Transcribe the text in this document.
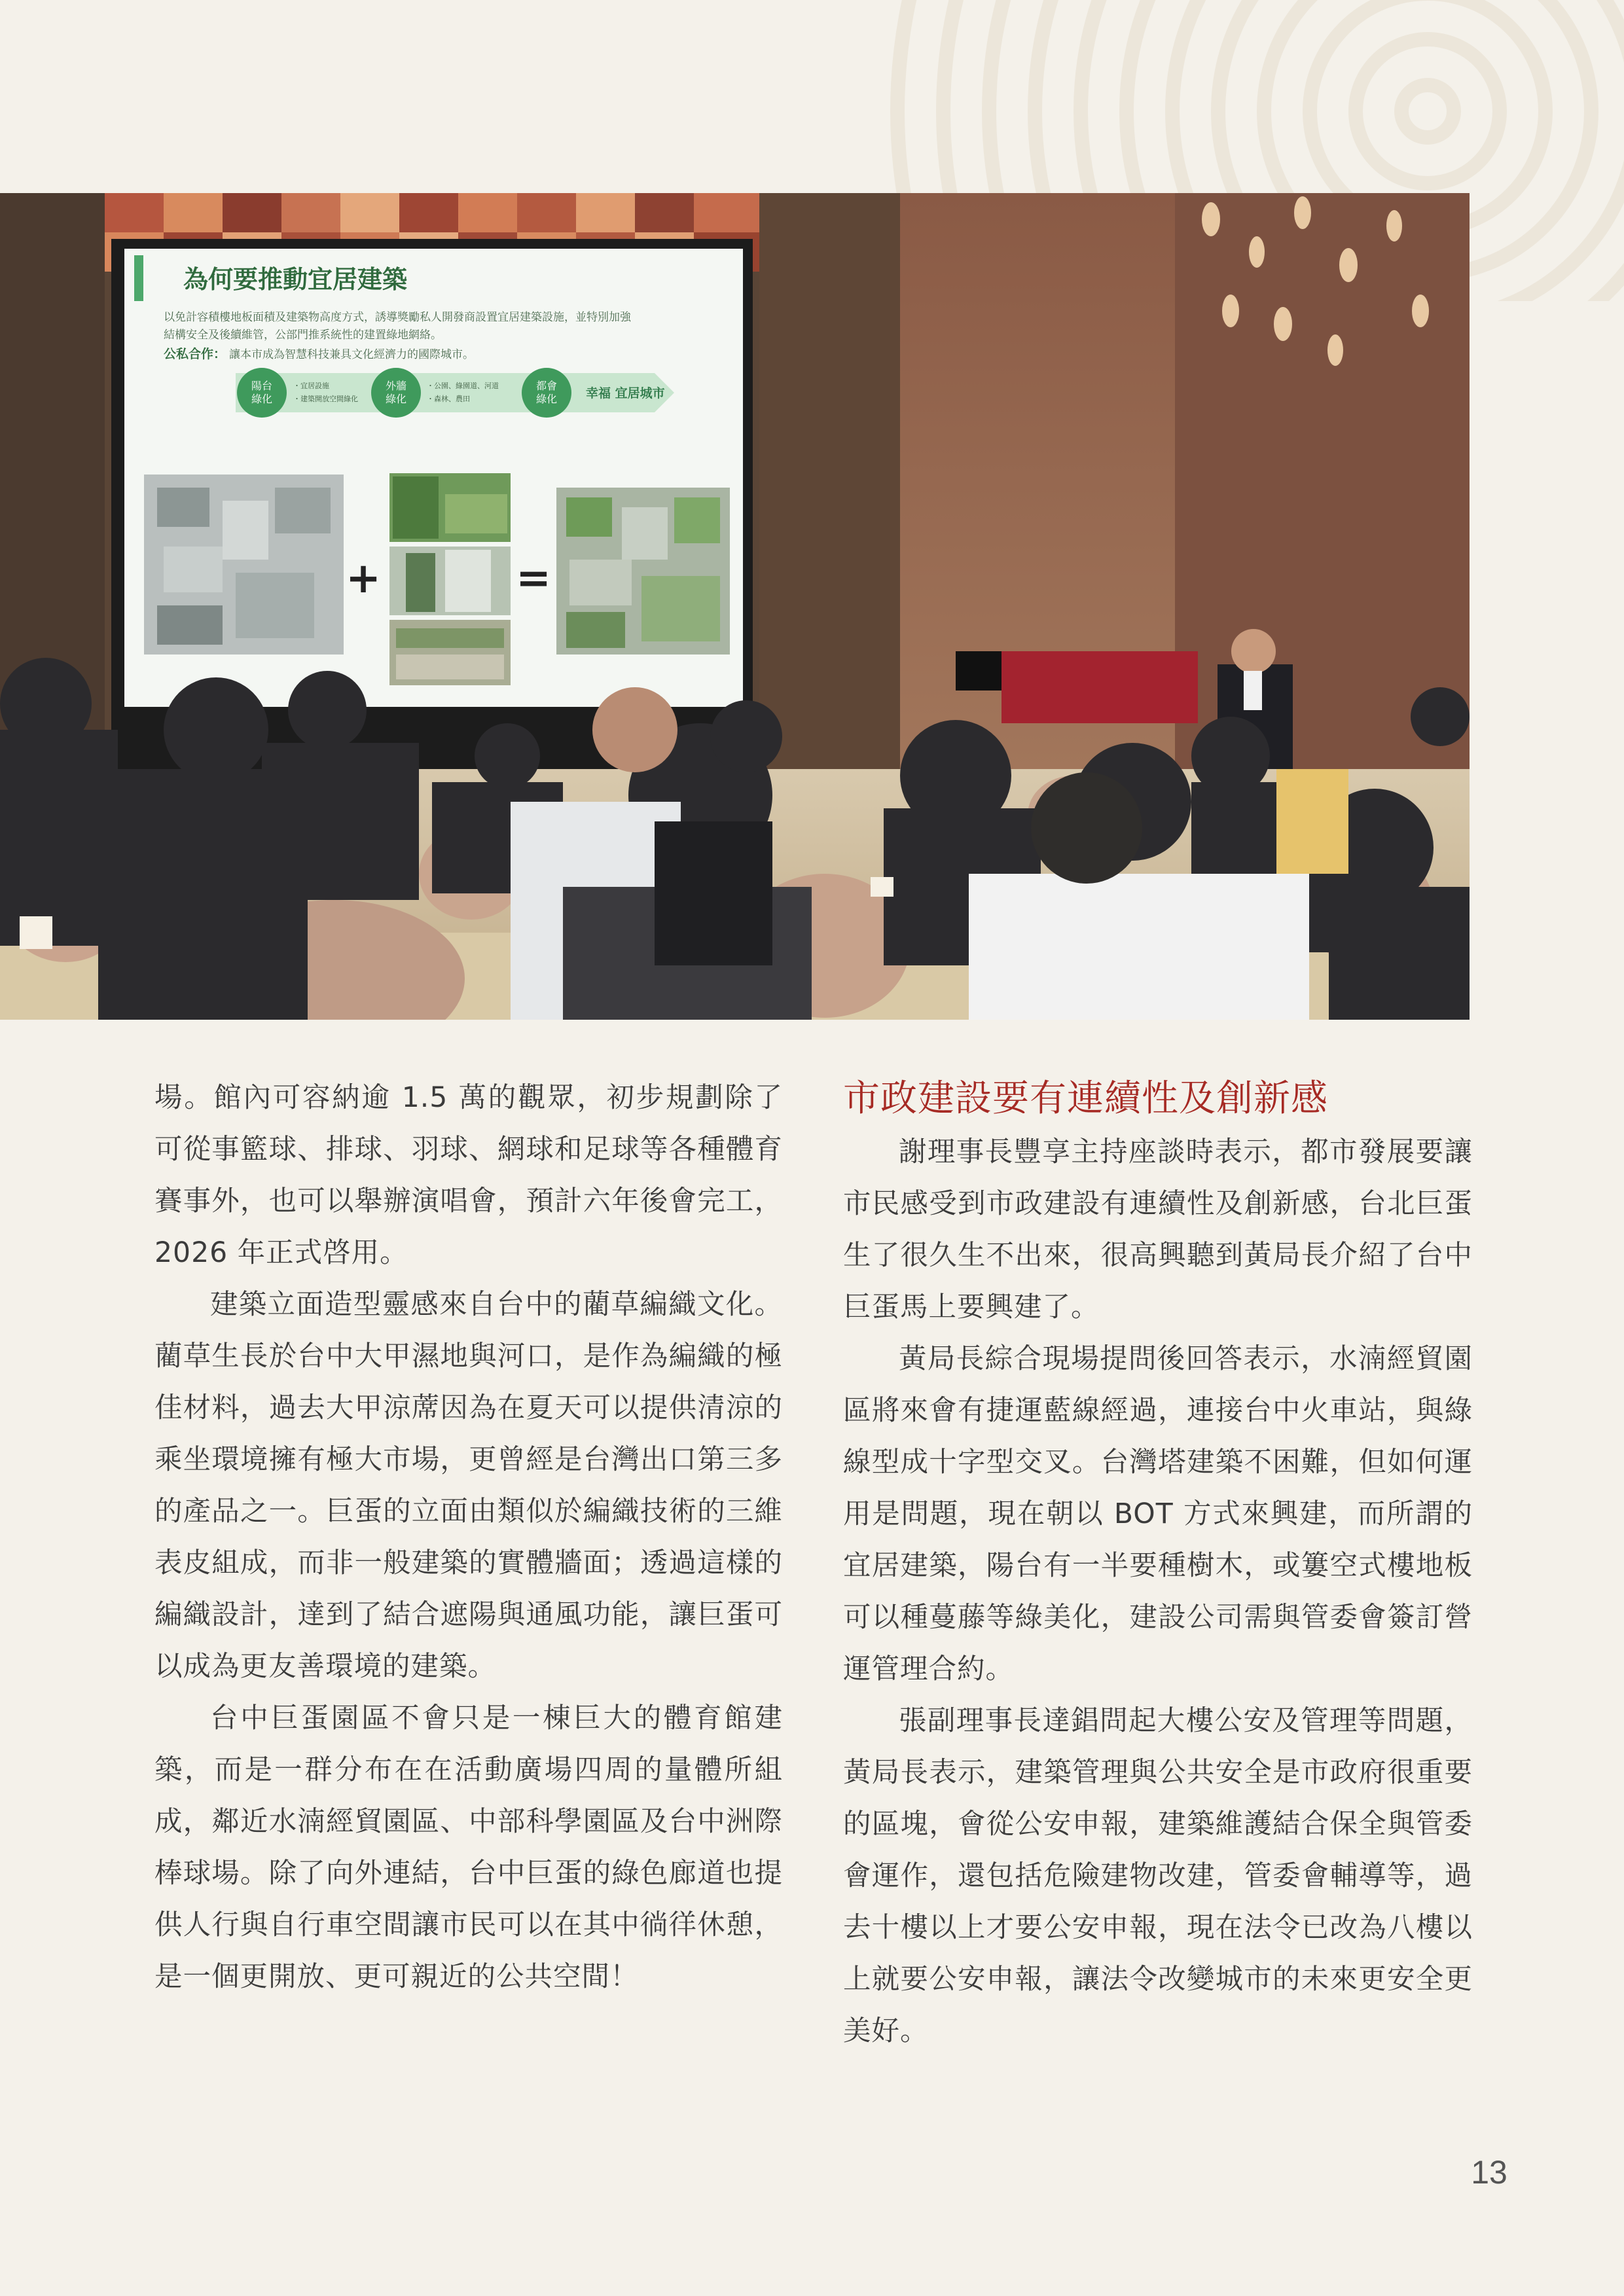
為何要推動宜居建築
以免計容積樓地板面積及建築物高度方式，誘導獎勵私人開發商設置宜居建築設施，並特別加強
結構安全及後續維管，公部門推系統性的建置綠地網絡。
公私合作： 讓本市成為智慧科技兼具文化經濟力的國際城市。
陽台
綠化
・宜居設施
・建築開放空間綠化
外牆
綠化
・公園、綠園道、河道
・森林、農田
都會
綠化 幸福 宜居城市
+	=

場。館內可容納逾 1.5 萬的觀眾，初步規劃除了可從事籃球、排球、羽球、網球和足球等各種體育賽事外，也可以舉辦演唱會，預計六年後會完工，2026 年正式啓用。

建築立面造型靈感來自台中的藺草編織文化。藺草生長於台中大甲濕地與河口，是作為編織的極佳材料，過去大甲涼蓆因為在夏天可以提供清涼的乘坐環境擁有極大市場，更曾經是台灣出口第三多的產品之一。巨蛋的立面由類似於編織技術的三維表皮組成，而非一般建築的實體牆面；透過這樣的編織設計，達到了結合遮陽與通風功能，讓巨蛋可以成為更友善環境的建築。

台中巨蛋園區不會只是一棟巨大的體育館建築，而是一群分布在在活動廣場四周的量體所組成，鄰近水湳經貿園區、中部科學園區及台中洲際棒球場。除了向外連結，台中巨蛋的綠色廊道也提供人行與自行車空間讓市民可以在其中徜徉休憩，是一個更開放、更可親近的公共空間！

市政建設要有連續性及創新感

謝理事長豐享主持座談時表示，都市發展要讓市民感受到市政建設有連續性及創新感，台北巨蛋生了很久生不出來，很高興聽到黃局長介紹了台中巨蛋馬上要興建了。

黃局長綜合現場提問後回答表示，水湳經貿園區將來會有捷運藍線經過，連接台中火車站，與綠線型成十字型交叉。台灣塔建築不困難，但如何運用是問題，現在朝以 BOT 方式來興建，而所謂的宜居建築，陽台有一半要種樹木，或簍空式樓地板可以種蔓藤等綠美化，建設公司需與管委會簽訂營運管理合約。

張副理事長達錩問起大樓公安及管理等問題，黃局長表示，建築管理與公共安全是市政府很重要的區塊，會從公安申報，建築維護結合保全與管委會運作，還包括危險建物改建，管委會輔導等，過去十樓以上才要公安申報，現在法令已改為八樓以上就要公安申報，讓法令改變城市的未來更安全更美好。

13
